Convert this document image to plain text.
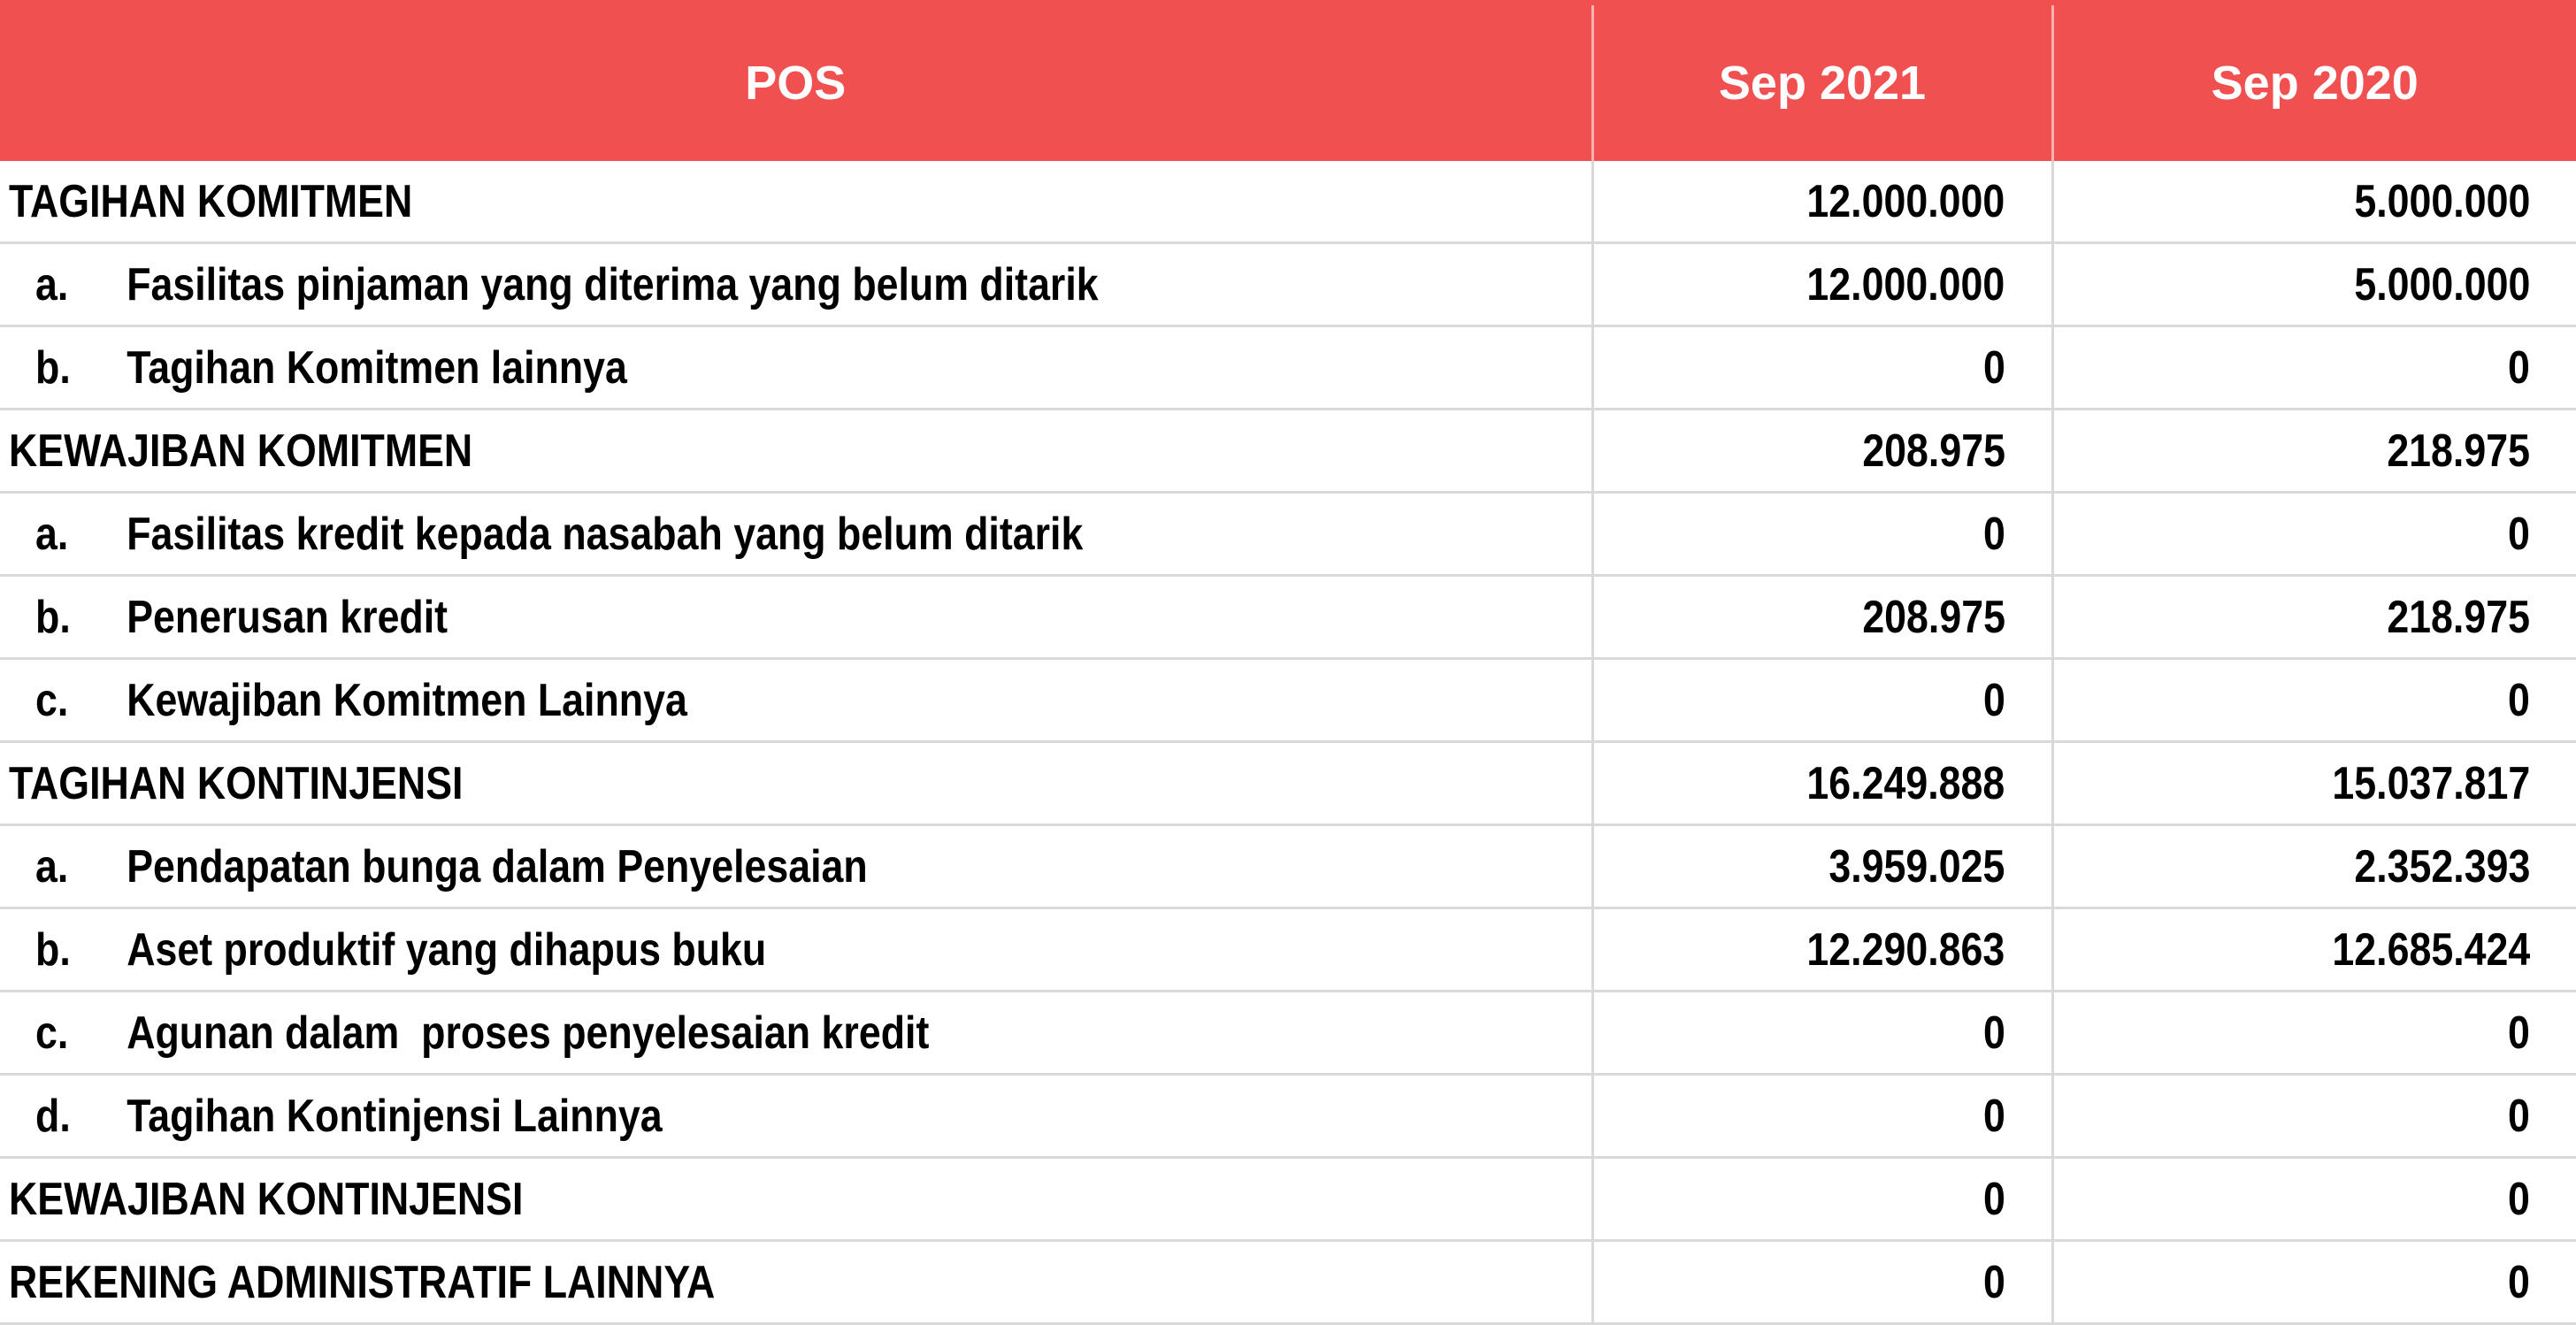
POS	Sep 2021	Sep 2020
TAGIHAN KOMITMEN	12.000.000	5.000.000
a. Fasilitas pinjaman yang diterima yang belum ditarik	12.000.000	5.000.000
b. Tagihan Komitmen lainnya	0	0
KEWAJIBAN KOMITMEN	208.975	218.975
a. Fasilitas kredit kepada nasabah yang belum ditarik	0	0
b. Penerusan kredit	208.975	218.975
c. Kewajiban Komitmen Lainnya	0	0
TAGIHAN KONTINJENSI	16.249.888	15.037.817
a. Pendapatan bunga dalam Penyelesaian	3.959.025	2.352.393
b. Aset produktif yang dihapus buku	12.290.863	12.685.424
c. Agunan dalam  proses penyelesaian kredit	0	0
d. Tagihan Kontinjensi Lainnya	0	0
KEWAJIBAN KONTINJENSI	0	0
REKENING ADMINISTRATIF LAINNYA	0	0
